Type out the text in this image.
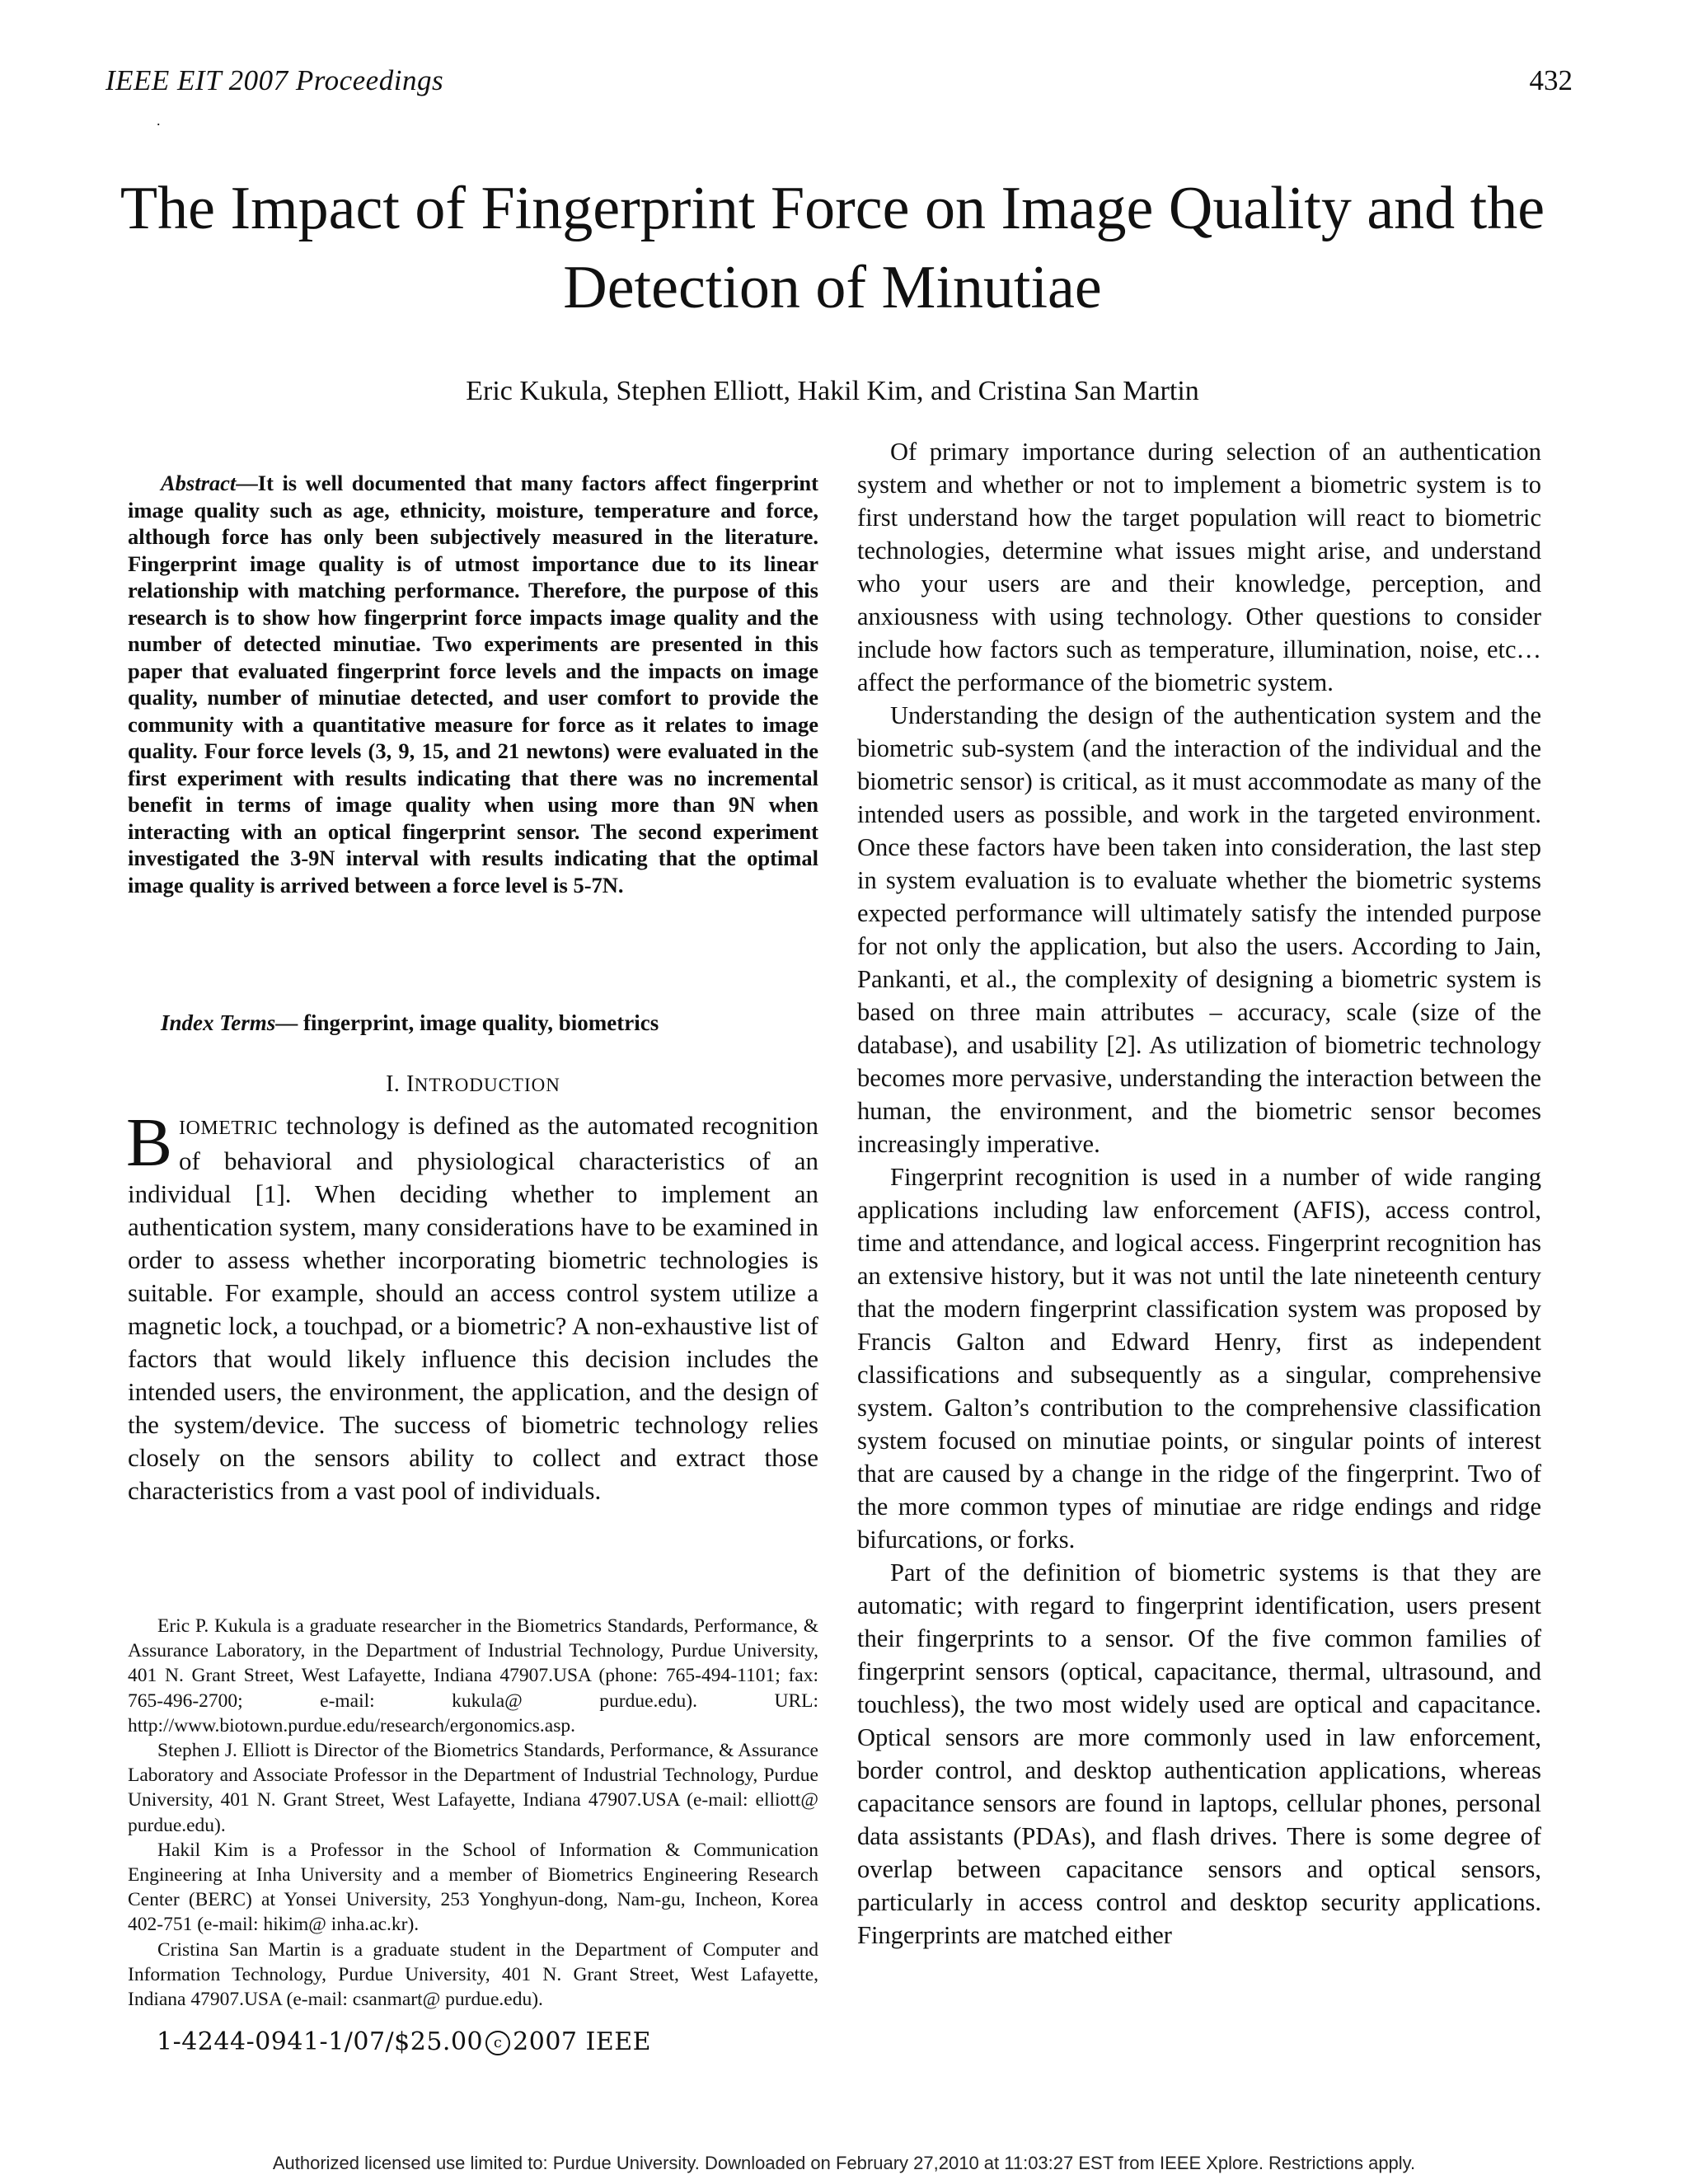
IEEE EIT 2007 Proceedings	432
.
The Impact of Fingerprint Force on Image Quality and the Detection of Minutiae
Eric Kukula, Stephen Elliott, Hakil Kim, and Cristina San Martin

Abstract—It is well documented that many factors affect fingerprint image quality such as age, ethnicity, moisture, temperature and force, although force has only been subjectively measured in the literature. Fingerprint image quality is of utmost importance due to its linear relationship with matching performance. Therefore, the purpose of this research is to show how fingerprint force impacts image quality and the number of detected minutiae. Two experiments are presented in this paper that evaluated fingerprint force levels and the impacts on image quality, number of minutiae detected, and user comfort to provide the community with a quantitative measure for force as it relates to image quality. Four force levels (3, 9, 15, and 21 newtons) were evaluated in the first experiment with results indicating that there was no incremental benefit in terms of image quality when using more than 9N when interacting with an optical fingerprint sensor. The second experiment investigated the 3-9N interval with results indicating that the optimal image quality is arrived between a force level is 5-7N.

Index Terms— fingerprint, image quality, biometrics

I. INTRODUCTION

BIOMETRIC technology is defined as the automated recognition of behavioral and physiological characteristics of an individual [1]. When deciding whether to implement an authentication system, many considerations have to be examined in order to assess whether incorporating biometric technologies is suitable. For example, should an access control system utilize a magnetic lock, a touchpad, or a biometric? A non-exhaustive list of factors that would likely influence this decision includes the intended users, the environment, the application, and the design of the system/device. The success of biometric technology relies closely on the sensors ability to collect and extract those characteristics from a vast pool of individuals.

Eric P. Kukula is a graduate researcher in the Biometrics Standards, Performance, & Assurance Laboratory, in the Department of Industrial Technology, Purdue University, 401 N. Grant Street, West Lafayette, Indiana 47907.USA (phone: 765-494-1101; fax: 765-496-2700; e-mail: kukula@ purdue.edu). URL: http://www.biotown.purdue.edu/research/ergonomics.asp.

Stephen J. Elliott is Director of the Biometrics Standards, Performance, & Assurance Laboratory and Associate Professor in the Department of Industrial Technology, Purdue University, 401 N. Grant Street, West Lafayette, Indiana 47907.USA (e-mail: elliott@ purdue.edu).

Hakil Kim is a Professor in the School of Information & Communication Engineering at Inha University and a member of Biometrics Engineering Research Center (BERC) at Yonsei University, 253 Yonghyun-dong, Nam-gu, Incheon, Korea 402-751 (e-mail: hikim@ inha.ac.kr).

Cristina San Martin is a graduate student in the Department of Computer and Information Technology, Purdue University, 401 N. Grant Street, West Lafayette, Indiana 47907.USA (e-mail: csanmart@ purdue.edu).

1-4244-0941-1/07/$25.00 c 2007 IEEE

Of primary importance during selection of an authentication system and whether or not to implement a biometric system is to first understand how the target population will react to biometric technologies, determine what issues might arise, and understand who your users are and their knowledge, perception, and anxiousness with using technology. Other questions to consider include how factors such as temperature, illumination, noise, etc… affect the performance of the biometric system.

Understanding the design of the authentication system and the biometric sub-system (and the interaction of the individual and the biometric sensor) is critical, as it must accommodate as many of the intended users as possible, and work in the targeted environment. Once these factors have been taken into consideration, the last step in system evaluation is to evaluate whether the biometric systems expected performance will ultimately satisfy the intended purpose for not only the application, but also the users. According to Jain, Pankanti, et al., the complexity of designing a biometric system is based on three main attributes – accuracy, scale (size of the database), and usability [2]. As utilization of biometric technology becomes more pervasive, understanding the interaction between the human, the environment, and the biometric sensor becomes increasingly imperative.

Fingerprint recognition is used in a number of wide ranging applications including law enforcement (AFIS), access control, time and attendance, and logical access. Fingerprint recognition has an extensive history, but it was not until the late nineteenth century that the modern fingerprint classification system was proposed by Francis Galton and Edward Henry, first as independent classifications and subsequently as a singular, comprehensive system. Galton’s contribution to the comprehensive classification system focused on minutiae points, or singular points of interest that are caused by a change in the ridge of the fingerprint. Two of the more common types of minutiae are ridge endings and ridge bifurcations, or forks.

Part of the definition of biometric systems is that they are automatic; with regard to fingerprint identification, users present their fingerprints to a sensor. Of the five common families of fingerprint sensors (optical, capacitance, thermal, ultrasound, and touchless), the two most widely used are optical and capacitance. Optical sensors are more commonly used in law enforcement, border control, and desktop authentication applications, whereas capacitance sensors are found in laptops, cellular phones, personal data assistants (PDAs), and flash drives. There is some degree of overlap between capacitance sensors and optical sensors, particularly in access control and desktop security applications. Fingerprints are matched either

Authorized licensed use limited to: Purdue University. Downloaded on February 27,2010 at 11:03:27 EST from IEEE Xplore. Restrictions apply.
